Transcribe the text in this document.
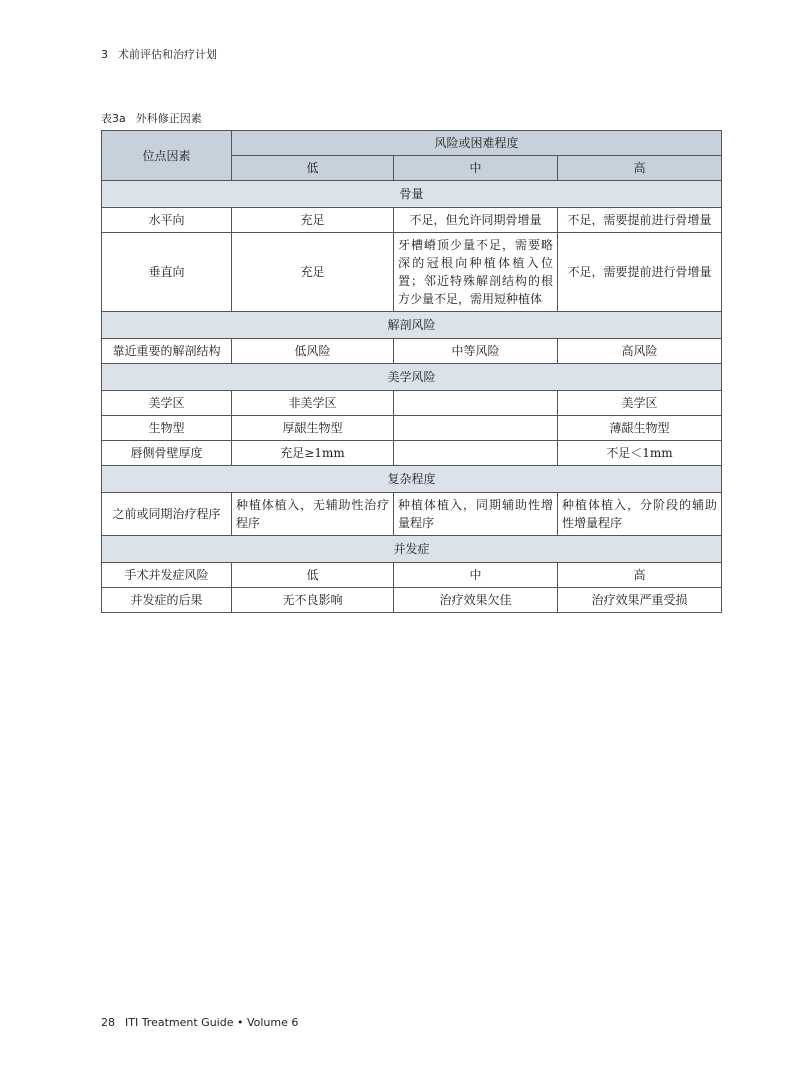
3 术前评估和治疗计划
表3a 外科修正因素
位点因素	风险或困难程度		
	低	中	高
骨量			
水平向	充足	不足，但允许同期骨增量	不足，需要提前进行骨增量
垂直向	充足	牙槽嵴顶少量不足，需要略深的冠根向种植体植入位置；邻近特殊解剖结构的根方少量不足，需用短种植体	不足，需要提前进行骨增量
解剖风险			
靠近重要的解剖结构	低风险	中等风险	高风险
美学风险			
美学区	非美学区		美学区
生物型	厚龈生物型		薄龈生物型
唇侧骨壁厚度	充足≥1mm		不足＜1mm
复杂程度			
之前或同期治疗程序	种植体植入，无辅助性治疗程序	种植体植入，同期辅助性增量程序	种植体植入，分阶段的辅助性增量程序
并发症			
手术并发症风险	低	中	高
并发症的后果	无不良影响	治疗效果欠佳	治疗效果严重受损
28 ITI Treatment Guide • Volume 6
